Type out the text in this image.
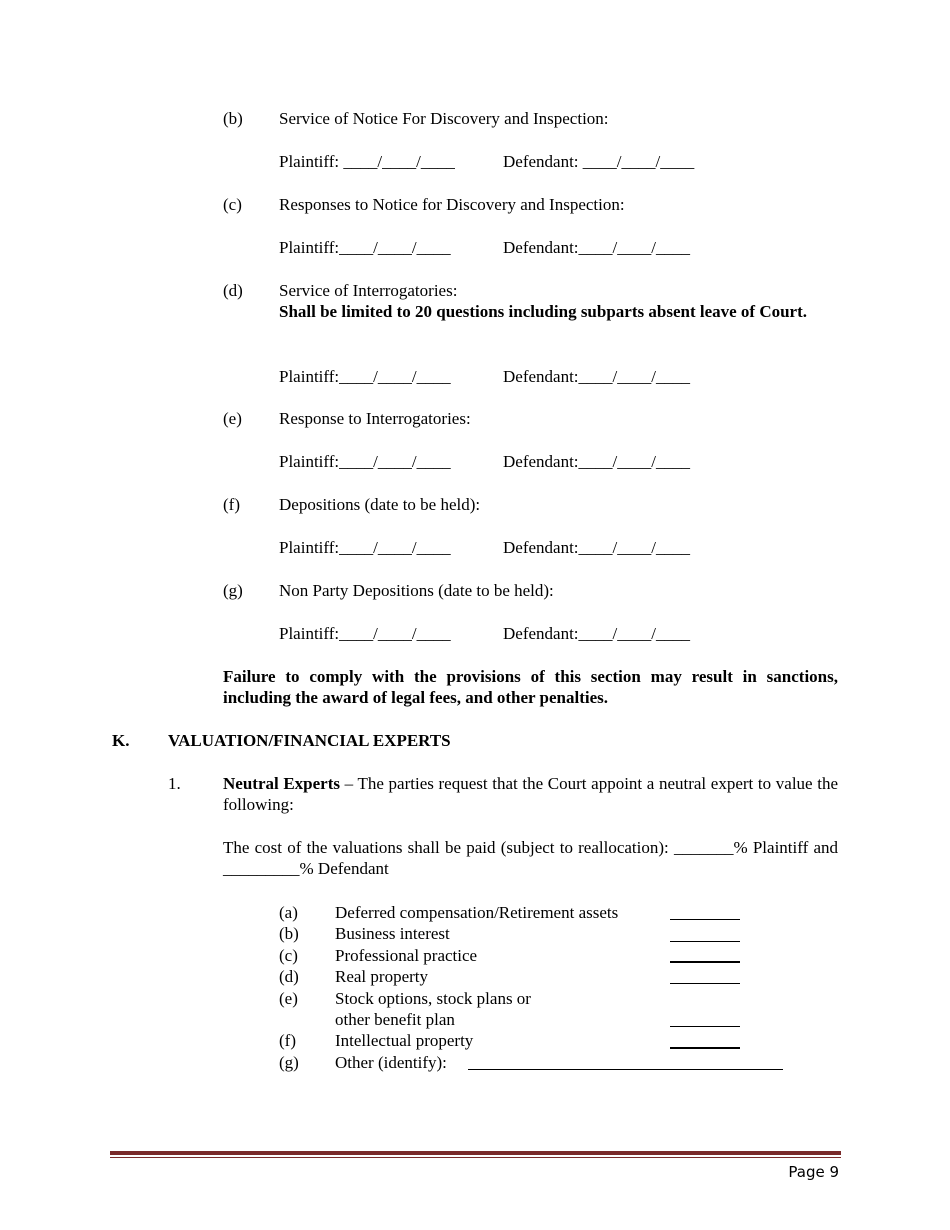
(b) Service of Notice For Discovery and Inspection:
Plaintiff: ____/____/____	Defendant: ____/____/____
(c) Responses to Notice for Discovery and Inspection:
Plaintiff:____/____/____	Defendant:____/____/____
(d) Service of Interrogatories:
Shall be limited to 20 questions including subparts absent leave of Court.
Plaintiff:____/____/____	Defendant:____/____/____
(e) Response to Interrogatories:
Plaintiff:____/____/____	Defendant:____/____/____
(f) Depositions (date to be held):
Plaintiff:____/____/____	Defendant:____/____/____
(g) Non Party Depositions (date to be held):
Plaintiff:____/____/____	Defendant:____/____/____
Failure to comply with the provisions of this section may result in sanctions, including the award of legal fees, and other penalties.
K. VALUATION/FINANCIAL EXPERTS
1. Neutral Experts – The parties request that the Court appoint a neutral expert to value the following:
The cost of the valuations shall be paid (subject to reallocation): _______% Plaintiff and _________% Defendant
(a) Deferred compensation/Retirement assets
(b) Business interest
(c) Professional practice
(d) Real property
(e) Stock options, stock plans or
other benefit plan
(f) Intellectual property
(g) Other (identify):
Page 9
